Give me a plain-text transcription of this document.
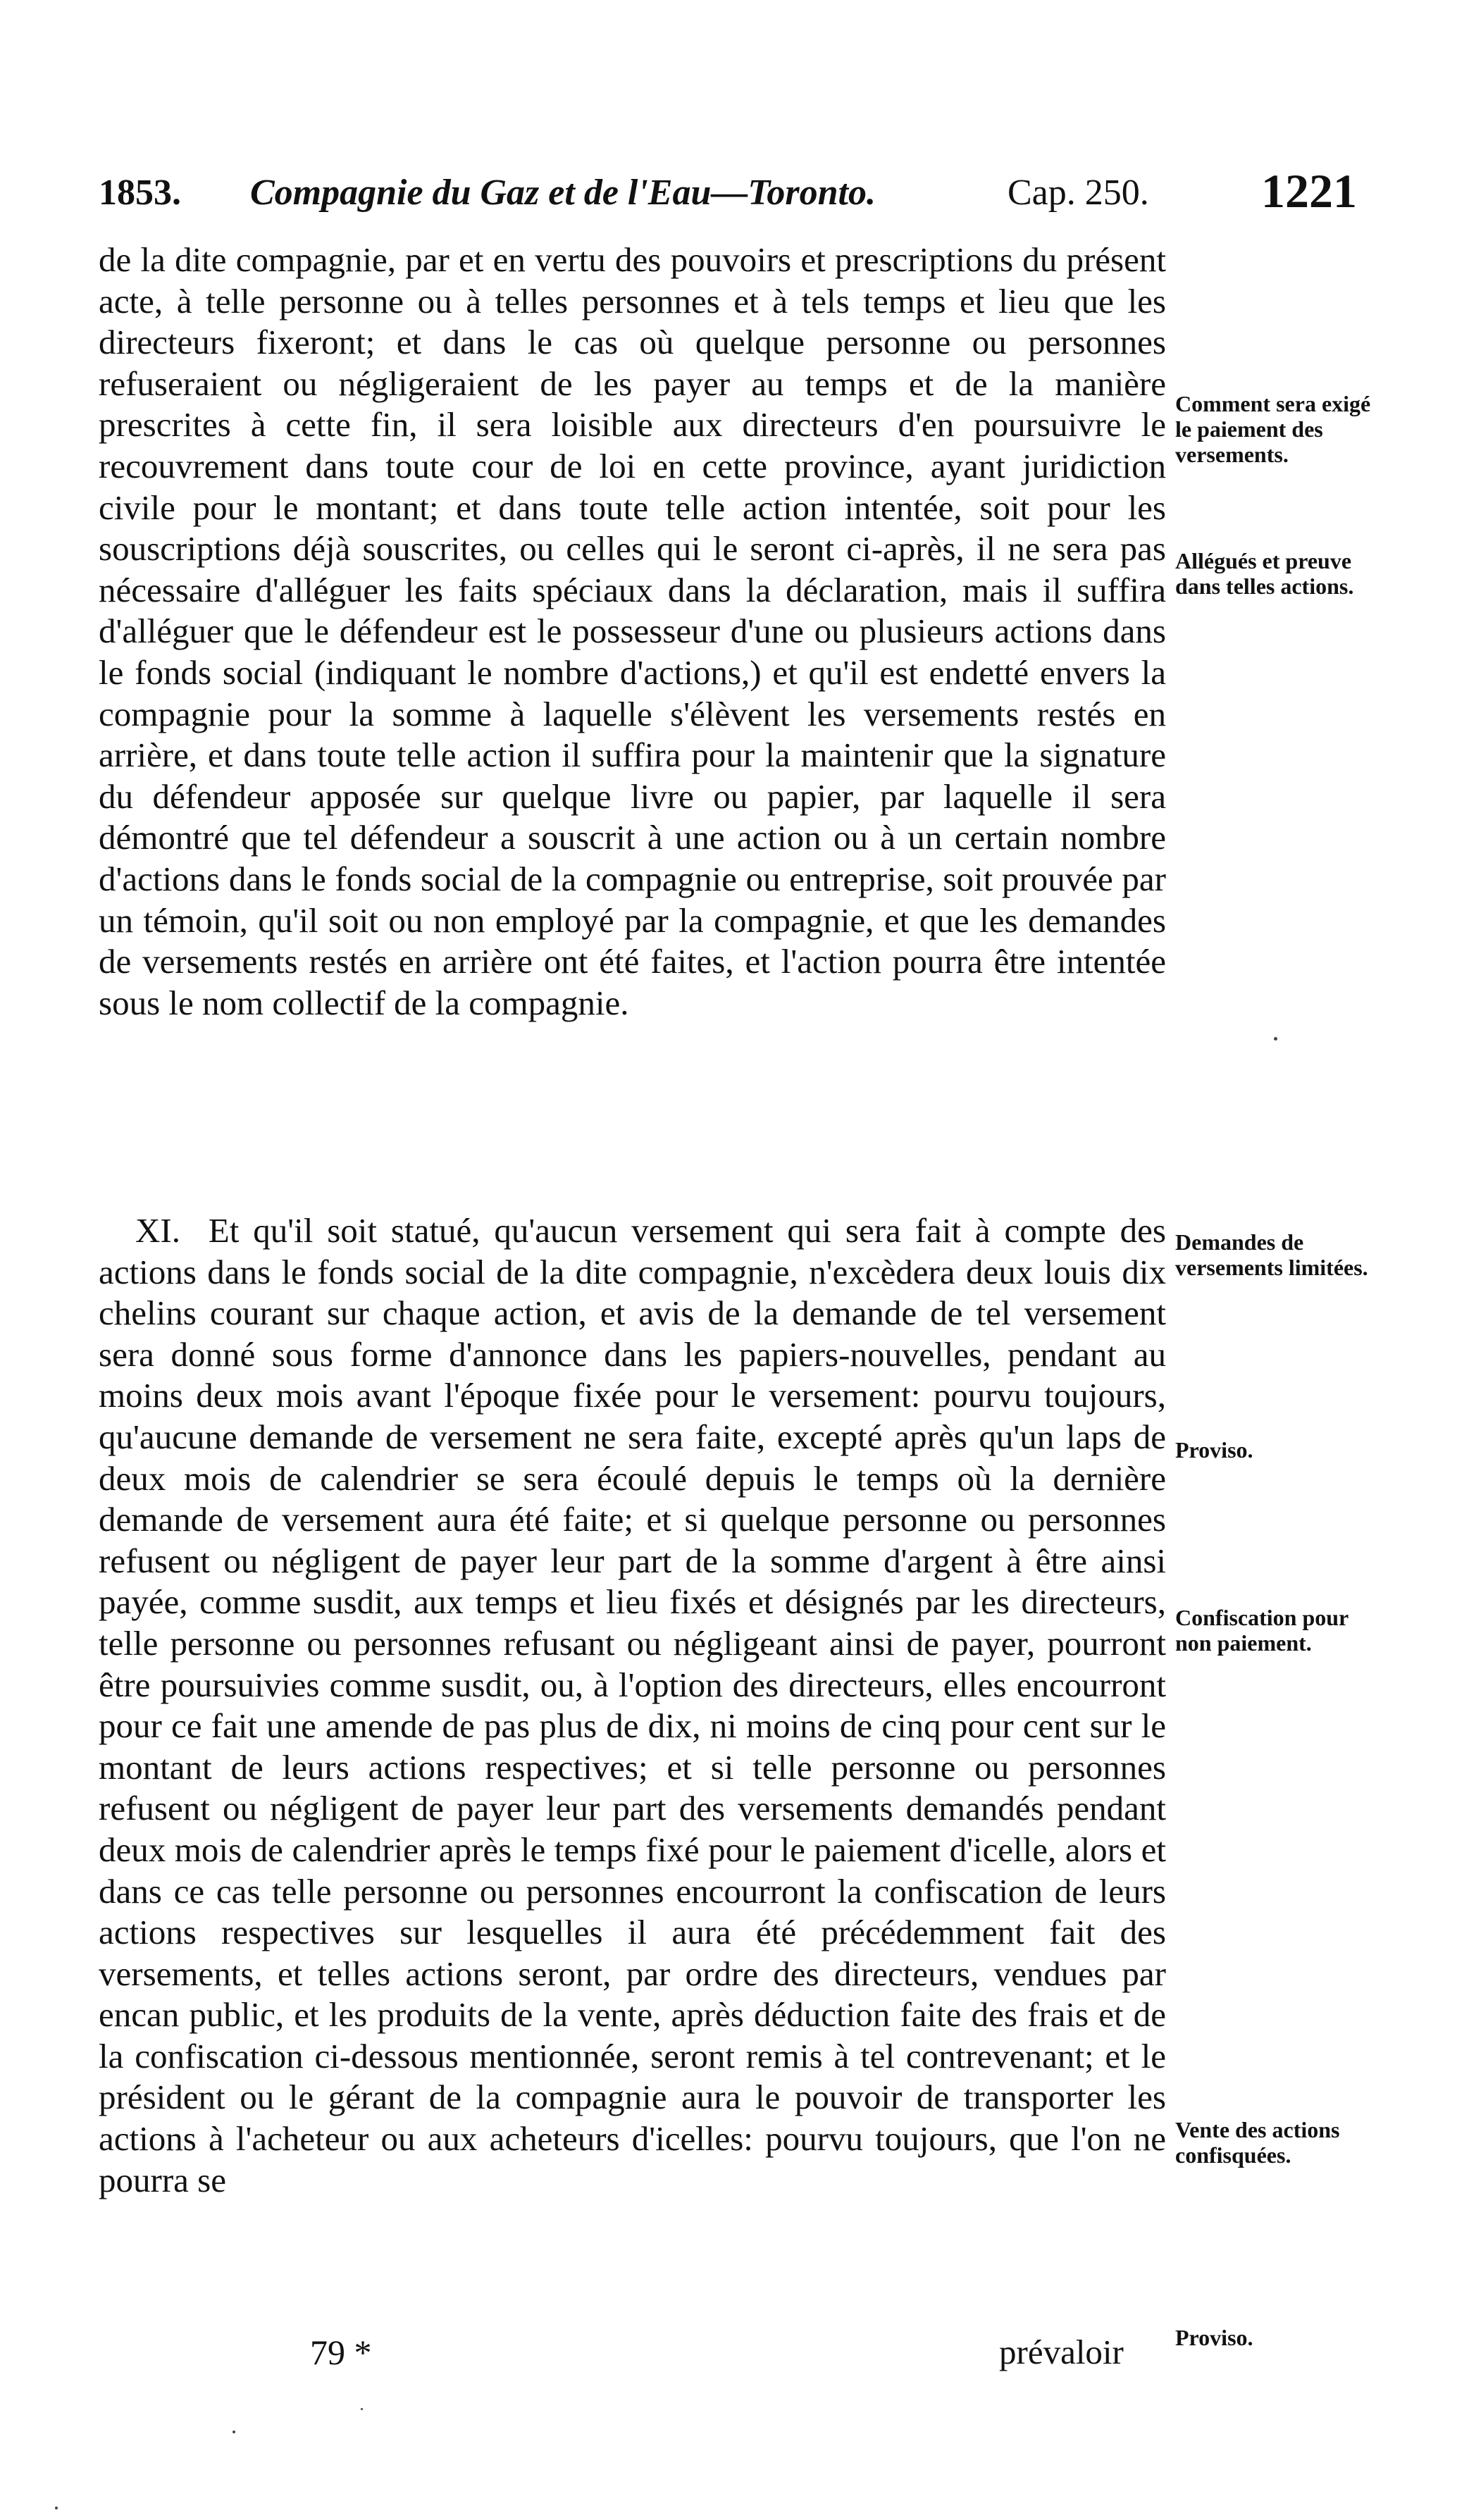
1853. Compagnie du Gaz et de l'Eau—Toronto.	Cap. 250. 1221

de la dite compagnie, par et en vertu des pouvoirs et prescriptions du présent acte, à telle personne ou à telles personnes et à tels temps et lieu que les directeurs fixeront; et dans le cas où quelque personne ou personnes refuseraient ou négligeraient de les payer au temps et de la manière prescrites à cette fin, il sera loisible aux directeurs d'en poursuivre le recouvrement dans toute cour de loi en cette province, ayant juridiction civile pour le montant; et dans toute telle action intentée, soit pour les souscriptions déjà souscrites, ou celles qui le seront ci-après, il ne sera pas nécessaire d'alléguer les faits spéciaux dans la déclaration, mais il suffira d'alléguer que le défendeur est le possesseur d'une ou plusieurs actions dans le fonds social (indiquant le nombre d'actions,) et qu'il est endetté envers la compagnie pour la somme à laquelle s'élèvent les versements restés en arrière, et dans toute telle action il suffira pour la maintenir que la signature du défendeur apposée sur quelque livre ou papier, par laquelle il sera démontré que tel défendeur a souscrit à une action ou à un certain nombre d'actions dans le fonds social de la compagnie ou entreprise, soit prouvée par un témoin, qu'il soit ou non employé par la compagnie, et que les demandes de versements restés en arrière ont été faites, et l'action pourra être intentée sous le nom collectif de la compagnie.

XI. Et qu'il soit statué, qu'aucun versement qui sera fait à compte des actions dans le fonds social de la dite compagnie, n'excèdera deux louis dix chelins courant sur chaque action, et avis de la demande de tel versement sera donné sous forme d'annonce dans les papiers-nouvelles, pendant au moins deux mois avant l'époque fixée pour le versement: pourvu toujours, qu'aucune demande de versement ne sera faite, excepté après qu'un laps de deux mois de calendrier se sera écoulé depuis le temps où la dernière demande de versement aura été faite; et si quelque personne ou personnes refusent ou négligent de payer leur part de la somme d'argent à être ainsi payée, comme susdit, aux temps et lieu fixés et désignés par les directeurs, telle personne ou personnes refusant ou négligeant ainsi de payer, pourront être poursuivies comme susdit, ou, à l'option des directeurs, elles encourront pour ce fait une amende de pas plus de dix, ni moins de cinq pour cent sur le montant de leurs actions respectives; et si telle personne ou personnes refusent ou négligent de payer leur part des versements demandés pendant deux mois de calendrier après le temps fixé pour le paiement d'icelle, alors et dans ce cas telle personne ou personnes encourront la confiscation de leurs actions respectives sur lesquelles il aura été précédemment fait des versements, et telles actions seront, par ordre des directeurs, vendues par encan public, et les produits de la vente, après déduction faite des frais et de la confiscation ci-dessous mentionnée, seront remis à tel contrevenant; et le président ou le gérant de la compagnie aura le pouvoir de transporter les actions à l'acheteur ou aux acheteurs d'icelles: pourvu toujours, que l'on ne pourra se

Comment sera exigé le paiement des versements.
Allégués et preuve dans telles actions.
Demandes de versements limitées.
Proviso.
Confiscation pour non paiement.
Vente des actions confisquées.
Proviso.
79 *	prévaloir
